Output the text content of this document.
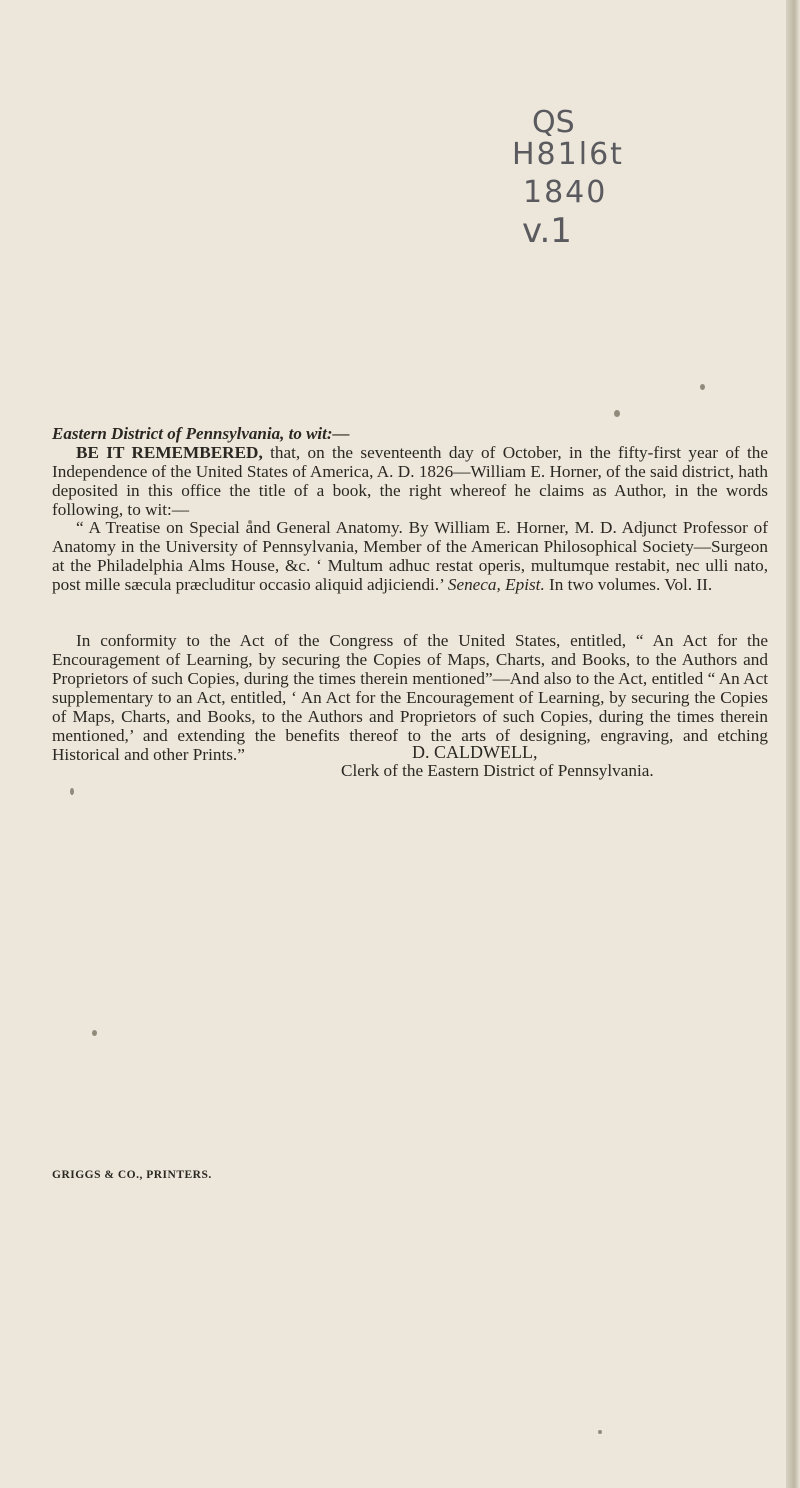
QS
H81l6t
1840
v.1
Eastern District of Pennsylvania, to wit:—
BE IT REMEMBERED, that, on the seventeenth day of October, in the fifty-first year of the Independence of the United States of America, A. D. 1826—William E. Horner, of the said district, hath deposited in this office the title of a book, the right whereof he claims as Author, in the words following, to wit:—
“ A Treatise on Special and General Anatomy. By William E. Horner, M. D. Adjunct Professor of Anatomy in the University of Pennsylvania, Member of the American Philosophical Society—Surgeon at the Philadelphia Alms House, &c. ‘ Multum adhuc restat operis, multumque restabit, nec ulli nato, post mille sæcula præcluditur occasio aliquid adjiciendi.’ Seneca, Epist. In two volumes. Vol. II.
In conformity to the Act of the Congress of the United States, entitled, “ An Act for the Encouragement of Learning, by securing the Copies of Maps, Charts, and Books, to the Authors and Proprietors of such Copies, during the times therein mentioned”—And also to the Act, entitled “ An Act supplementary to an Act, entitled, ‘ An Act for the Encouragement of Learning, by securing the Copies of Maps, Charts, and Books, to the Authors and Proprietors of such Copies, during the times therein mentioned,’ and extending the benefits thereof to the arts of designing, engraving, and etching Historical and other Prints.”	D. CALDWELL,
Clerk of the Eastern District of Pennsylvania.
GRIGGS & CO., PRINTERS.
